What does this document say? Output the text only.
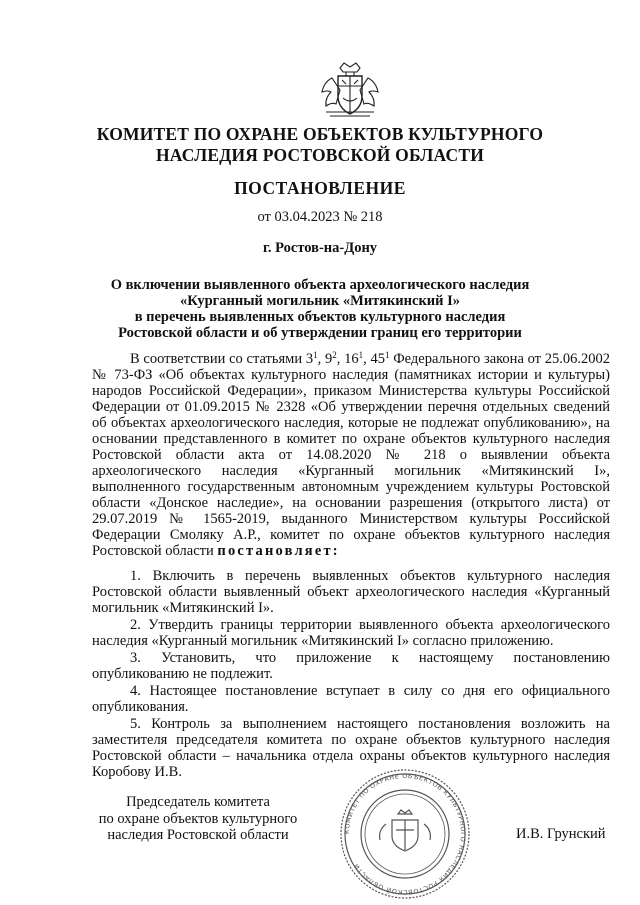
КОМИТЕТ ПО ОХРАНЕ ОБЪЕКТОВ КУЛЬТУРНОГО
НАСЛЕДИЯ РОСТОВСКОЙ ОБЛАСТИ
ПОСТАНОВЛЕНИЕ
от 03.04.2023 № 218
г. Ростов-на-Дону
О включении выявленного объекта археологического наследия
«Курганный могильник «Митякинский I»
в перечень выявленных объектов культурного наследия
Ростовской области и об утверждении границ его территории
В соответствии со статьями $3^1$, $9^2$, $16^1$, $45^1$ Федерального закона от 25.06.2002 № 73-ФЗ «Об объектах культурного наследия (памятниках истории и культуры) народов Российской Федерации», приказом Министерства культуры Российской Федерации от 01.09.2015 № 2328 «Об утверждении перечня отдельных сведений об объектах археологического наследия, которые не подлежат опубликованию», на основании представленного в комитет по охране объектов культурного наследия Ростовской области акта от 14.08.2020 № 218 о выявлении объекта археологического наследия «Курганный могильник «Митякинский I», выполненного государственным автономным учреждением культуры Ростовской области «Донское наследие», на основании разрешения (открытого листа) от 29.07.2019 № 1565-2019, выданного Министерством культуры Российской Федерации Смоляку А.Р., комитет по охране объектов культурного наследия Ростовской области постановляет:

1. Включить в перечень выявленных объектов культурного наследия Ростовской области выявленный объект археологического наследия «Курганный могильник «Митякинский I».

2. Утвердить границы территории выявленного объекта археологического наследия «Курганный могильник «Митякинский I» согласно приложению.

3. Установить, что приложение к настоящему постановлению опубликованию не подлежит.

4. Настоящее постановление вступает в силу со дня его официального опубликования.

5. Контроль за выполнением настоящего постановления возложить на заместителя председателя комитета по охране объектов культурного наследия Ростовской области – начальника отдела охраны объектов культурного наследия Коробову И.В.

КОМИТЕТ ПО ОХРАНЕ ОБЪЕКТОВ КУЛЬТУРНОГО НАСЛЕДИЯ РОСТОВСКОЙ ОБЛАСТИ
Председатель комитета
по охране объектов культурного
наследия Ростовской области	И.В. Грунский
